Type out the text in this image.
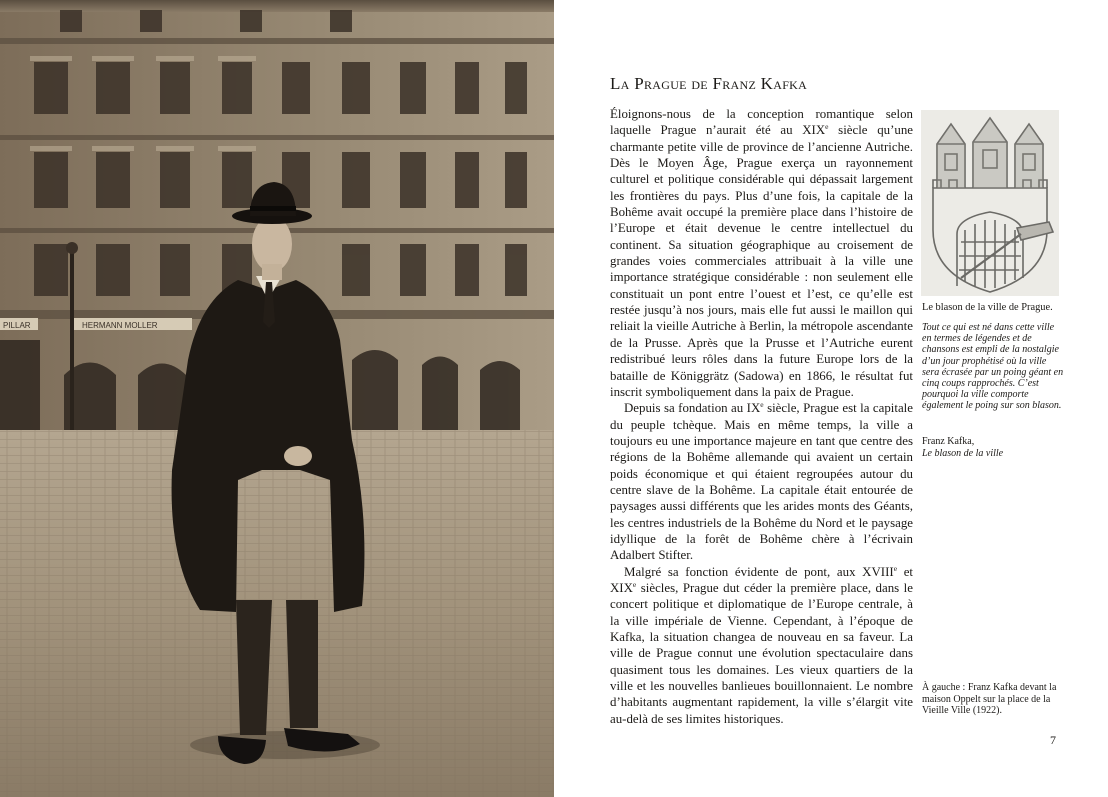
PILLAR	HERMANN MOLLER
La Prague de Franz Kafka

Éloignons-nous de la conception romantique selon laquelle Prague n’aurait été au XIXe siècle qu’une charmante petite ville de province de l’ancienne Autriche. Dès le Moyen Âge, Prague exerça un rayonnement culturel et politique considérable qui dépassait largement les frontières du pays. Plus d’une fois, la capitale de la Bohême avait occupé la première place dans l’histoire de l’Europe et était devenue le centre intellectuel du continent. Sa situation géographique au croisement de grandes voies commerciales attribuait à la ville une importance stratégique considérable : non seulement elle constituait un pont entre l’ouest et l’est, ce qu’elle est restée jusqu’à nos jours, mais elle fut aussi le maillon qui reliait la vieille Autriche à Berlin, la métropole ascendante de la Prusse. Après que la Prusse et l’Autriche eurent redistribué leurs rôles dans la future Europe lors de la bataille de Königgrätz (Sadowa) en 1866, le résultat fut inscrit symboliquement dans la paix de Prague.

Depuis sa fondation au IXe siècle, Prague est la capitale du peuple tchèque. Mais en même temps, la ville a toujours eu une importance majeure en tant que centre des régions de la Bohême allemande qui avaient un certain poids économique et qui étaient regroupées autour du centre slave de la Bohême. La capitale était entourée de paysages aussi différents que les arides monts des Géants, les centres industriels de la Bohême du Nord et le paysage idyllique de la forêt de Bohême chère à l’écrivain Adalbert Stifter.

Malgré sa fonction évidente de pont, aux XVIIIe et XIXe siècles, Prague dut céder la première place, dans le concert politique et diplomatique de l’Europe centrale, à la ville impériale de Vienne. Cependant, à l’époque de Kafka, la situation changea de nouveau en sa faveur. La ville de Prague connut une évolution spectaculaire dans quasiment tous les domaines. Les vieux quartiers de la ville et les nouvelles banlieues bouillonnaient. Le nombre d’habitants augmentant rapidement, la ville s’élargit vite au-delà de ses limites historiques.

Le blason de la ville de Prague.
Tout ce qui est né dans cette ville en termes de légendes et de chansons est empli de la nostalgie d’un jour prophétisé où la ville sera écrasée par un poing géant en cinq coups rapprochés. C’est pourquoi la ville comporte également le poing sur son blason.
Franz Kafka,
Le blason de la ville
À gauche : Franz Kafka devant la maison Oppelt sur la place de la Vieille Ville (1922).
7
